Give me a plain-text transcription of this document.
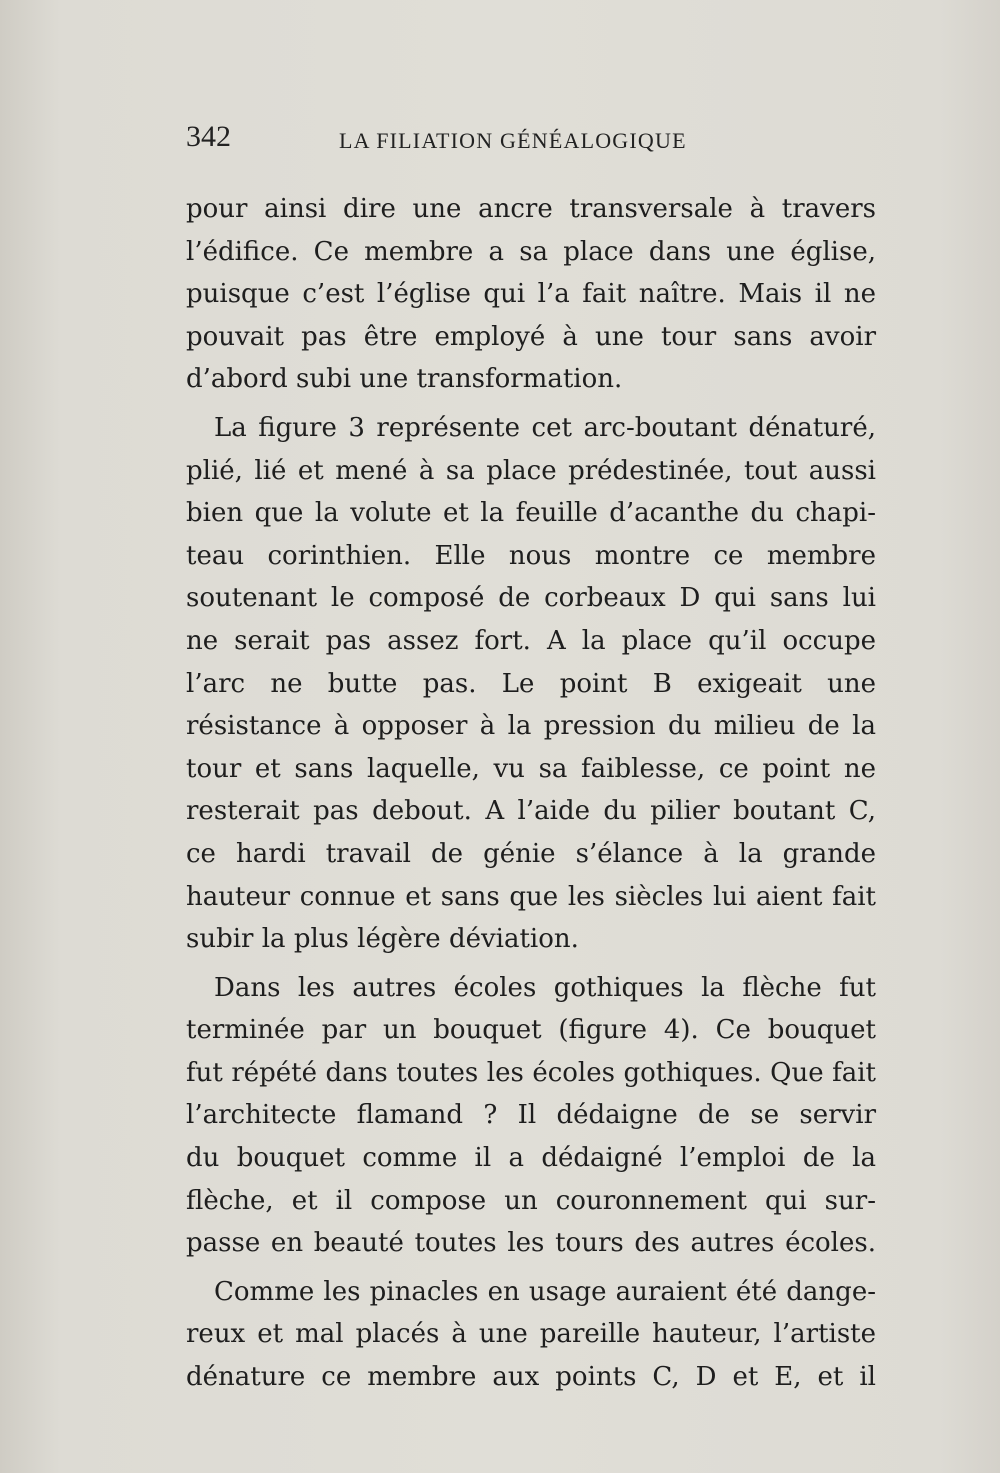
342	LA FILIATION GÉNÉALOGIQUE
pour ainsi dire une ancre transversale à travers
l’édifice. Ce membre a sa place dans une église,
puisque c’est l’église qui l’a fait naître. Mais il ne
pouvait pas être employé à une tour sans avoir
d’abord subi une transformation.
La figure 3 représente cet arc-boutant dénaturé,
plié, lié et mené à sa place prédestinée, tout aussi
bien que la volute et la feuille d’acanthe du chapi-
teau corinthien. Elle nous montre ce membre
soutenant le composé de corbeaux D qui sans lui
ne serait pas assez fort. A la place qu’il occupe
l’arc ne butte pas. Le point B exigeait une
résistance à opposer à la pression du milieu de la
tour et sans laquelle, vu sa faiblesse, ce point ne
resterait pas debout. A l’aide du pilier boutant C,
ce hardi travail de génie s’élance à la grande
hauteur connue et sans que les siècles lui aient fait
subir la plus légère déviation.
Dans les autres écoles gothiques la flèche fut
terminée par un bouquet (figure 4). Ce bouquet
fut répété dans toutes les écoles gothiques. Que fait
l’architecte flamand ? Il dédaigne de se servir
du bouquet comme il a dédaigné l’emploi de la
flèche, et il compose un couronnement qui sur-
passe en beauté toutes les tours des autres écoles.
Comme les pinacles en usage auraient été dange-
reux et mal placés à une pareille hauteur, l’artiste
dénature ce membre aux points C, D et E, et il
